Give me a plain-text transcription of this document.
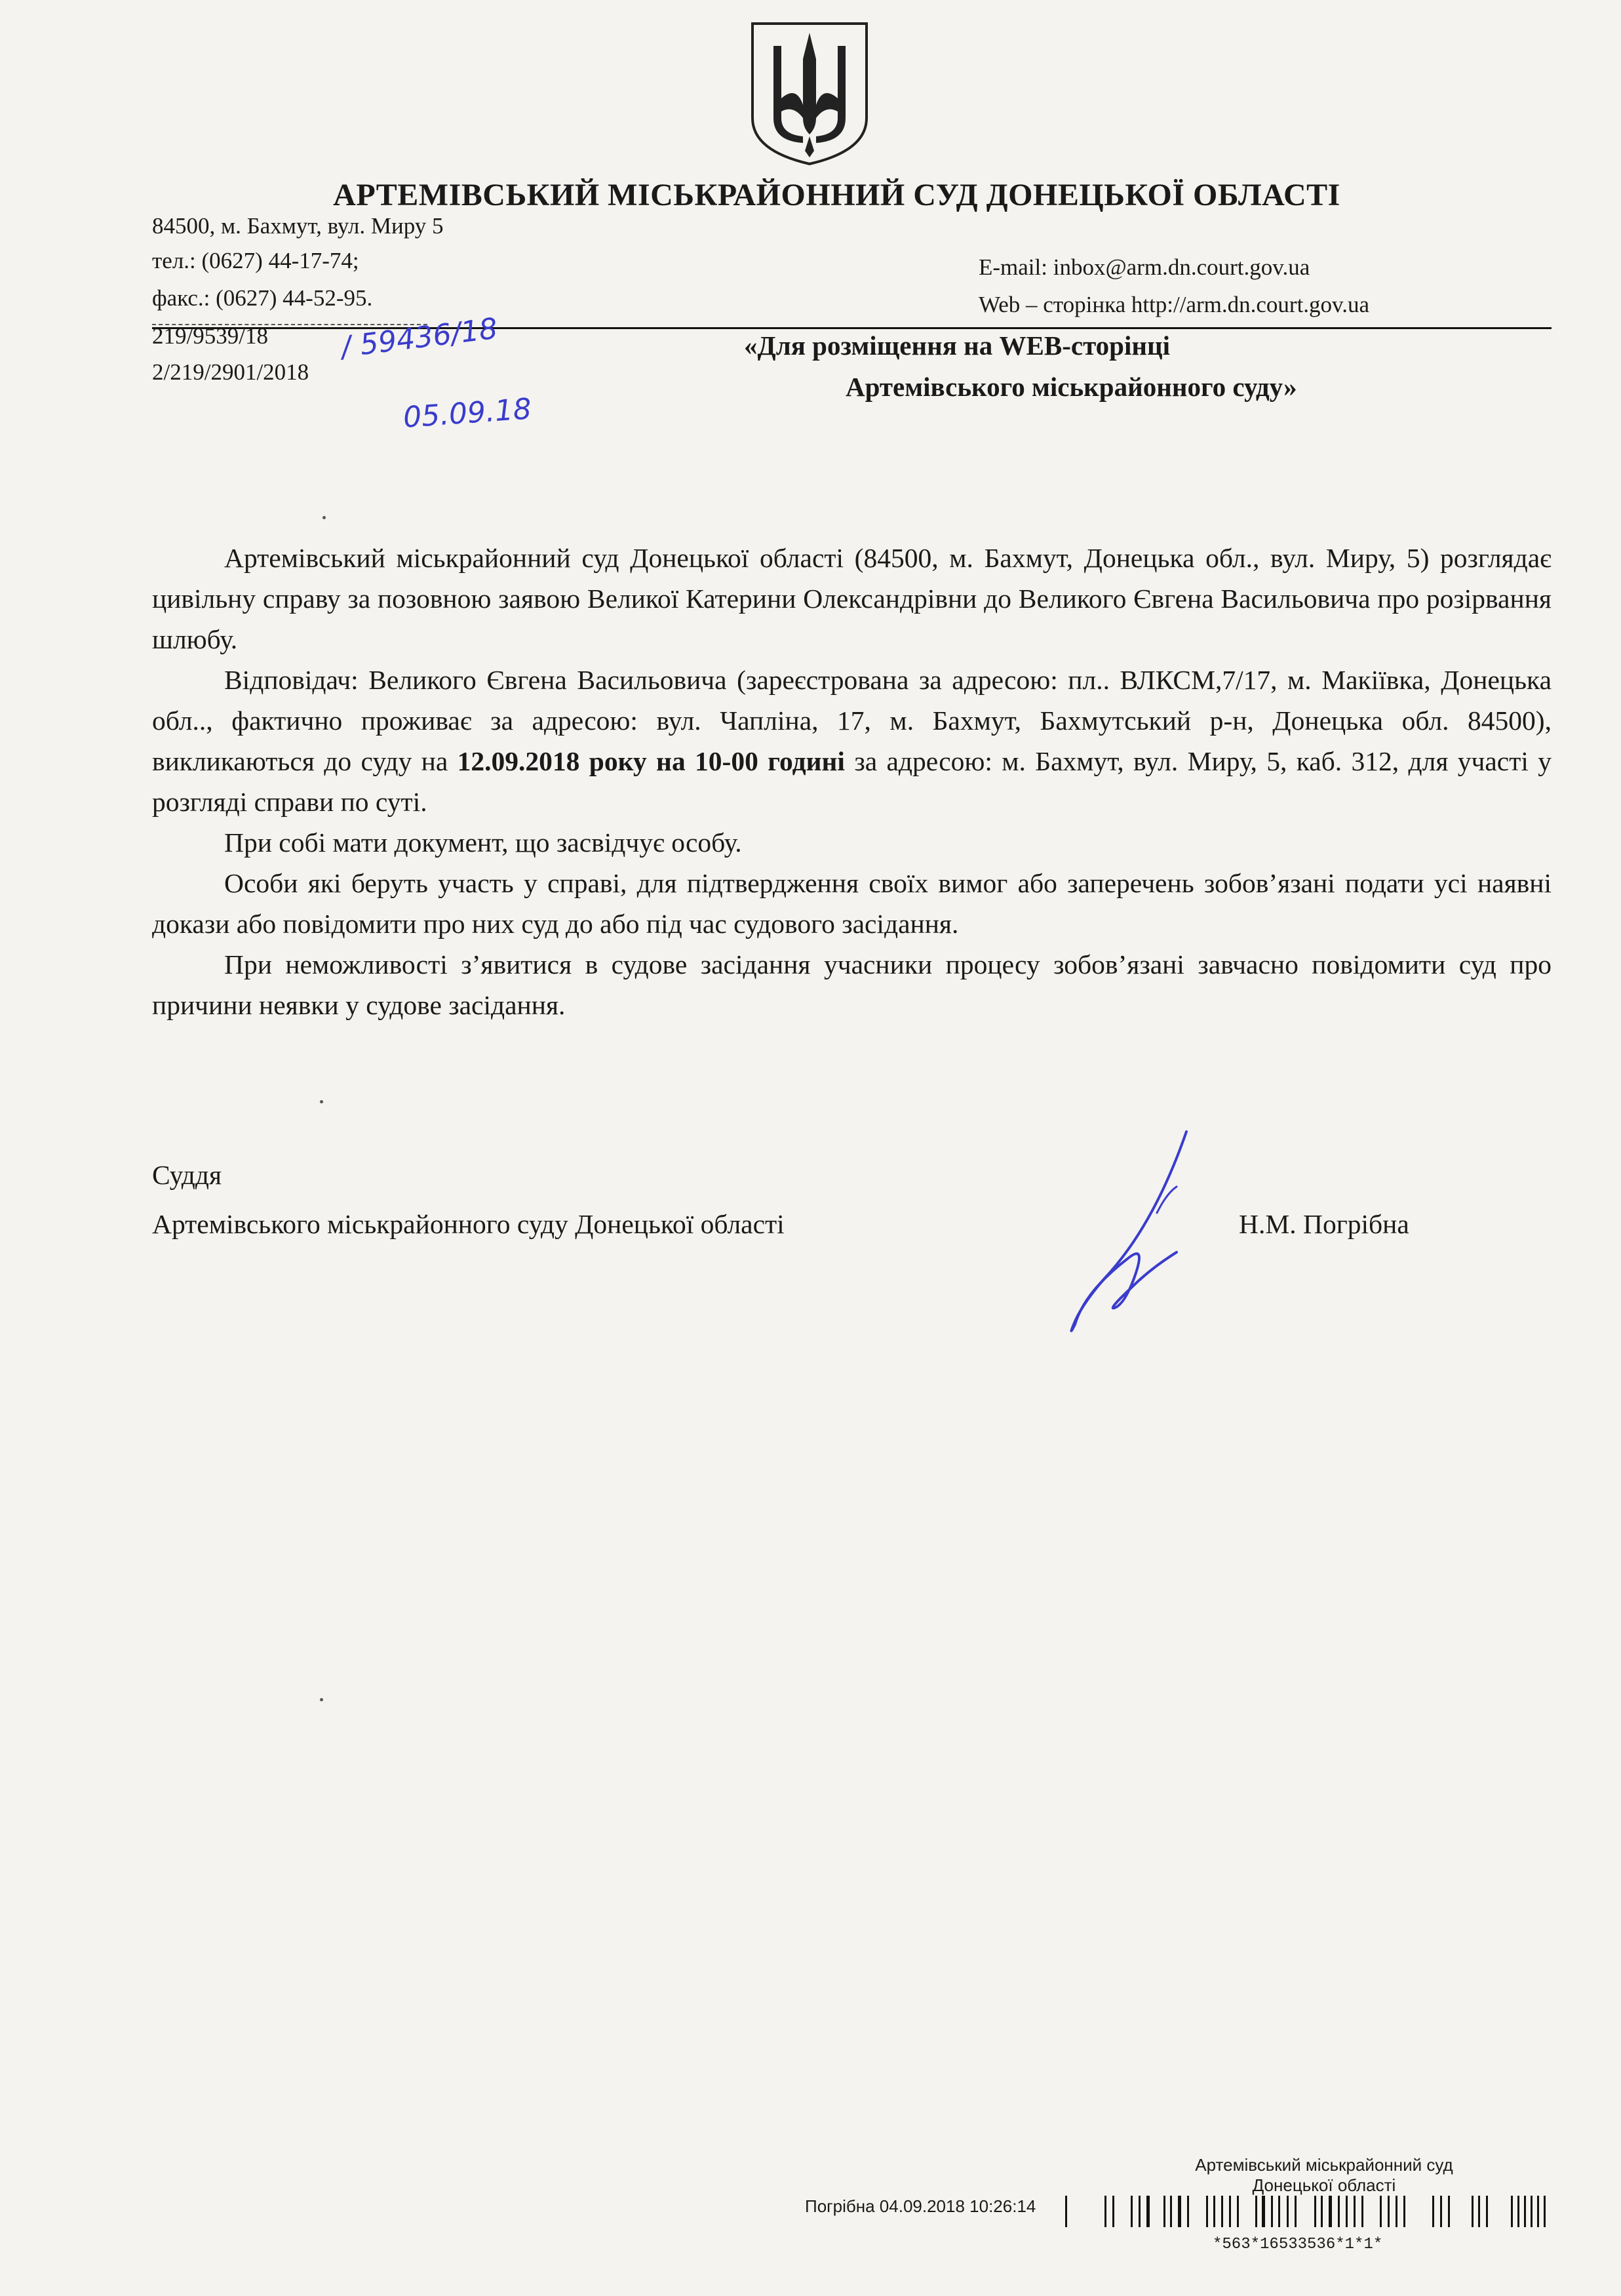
АРТЕМІВСЬКИЙ МІСЬКРАЙОННИЙ СУД ДОНЕЦЬКОЇ ОБЛАСТІ
84500, м. Бахмут, вул. Миру 5
тел.: (0627) 44-17-74;
факс.: (0627) 44-52-95.
E-mail: inbox@arm.dn.court.gov.ua
Web – сторінка http://arm.dn.court.gov.ua
219/9539/18
2/219/2901/2018
/ 59436/18
05.09.18
«Для розміщення на WEB-сторінці
Артемівського міськрайонного суду»

Артемівський міськрайонний суд Донецької області (84500, м. Бахмут, Донецька обл., вул. Миру, 5) розглядає цивільну справу за позовною заявою Великої Катерини Олександрівни до Великого Євгена Васильовича про розірвання шлюбу.

Відповідач: Великого Євгена Васильовича (зареєстрована за адресою: пл.. ВЛКСМ,7/17, м. Макіївка, Донецька обл.., фактично проживає за адресою: вул. Чапліна, 17, м. Бахмут, Бахмутський р-н, Донецька обл. 84500), викликаються до суду на 12.09.2018 року на 10-00 годині за адресою: м. Бахмут, вул. Миру, 5, каб. 312, для участі у розгляді справи по суті.

При собі мати документ, що засвідчує особу.

Особи які беруть участь у справі, для підтвердження своїх вимог або заперечень зобов’язані подати усі наявні докази або повідомити про них суд до або під час судового засідання.

При неможливості з’явитися в судове засідання учасники процесу зобов’язані завчасно повідомити суд про причини неявки у судове засідання.

Суддя
Артемівського міськрайонного суду Донецької області	Н.М. Погрібна
Артемівський міськрайонний суд
Донецької області
Погрібна 04.09.2018 10:26:14
*563*16533536*1*1*
